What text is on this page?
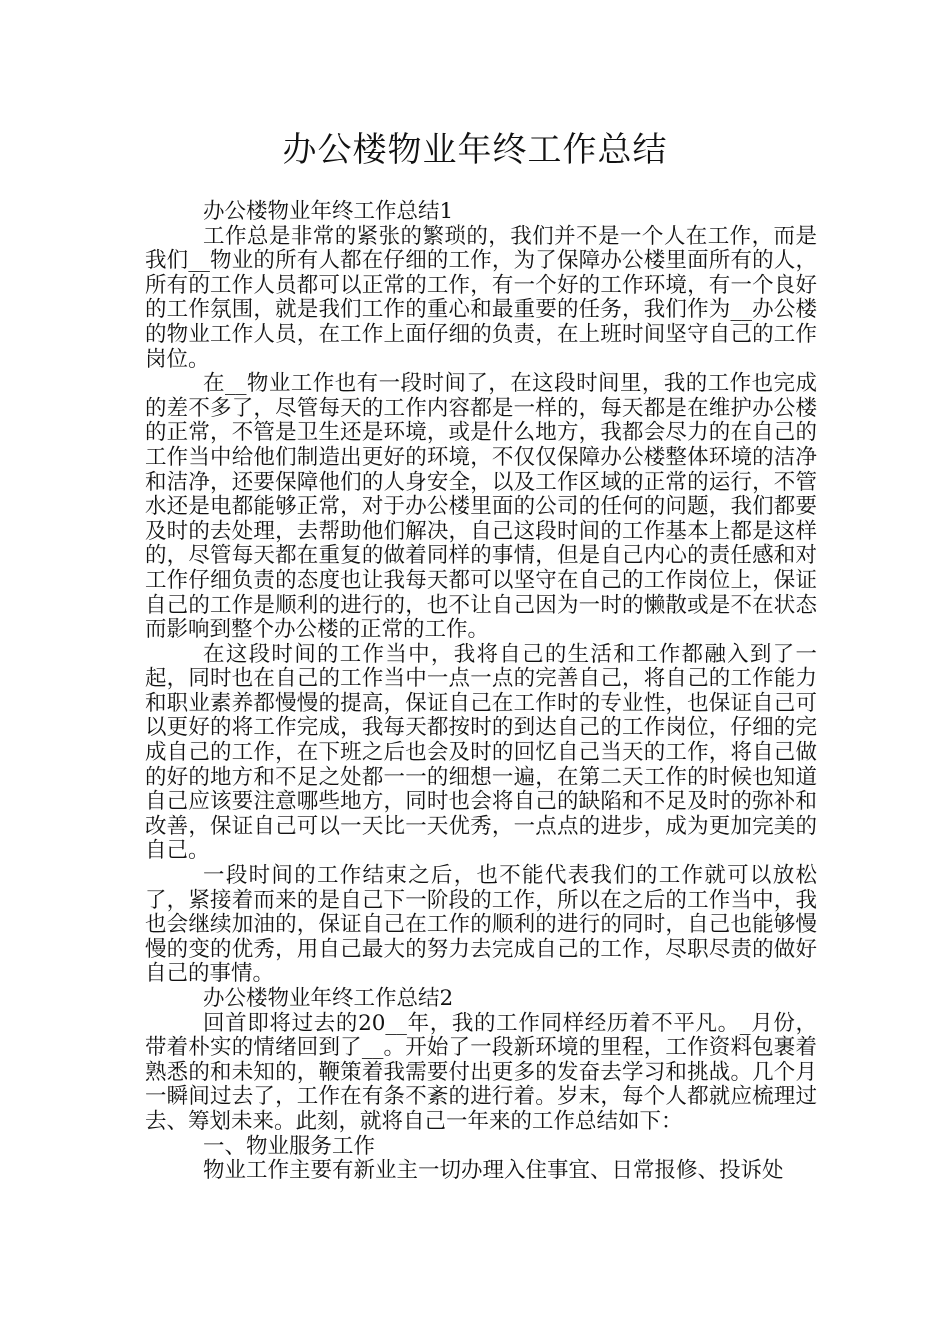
办公楼物业年终工作总结

办公楼物业年终工作总结1

工作总是非常的紧张的繁琐的，我们并不是一个人在工作，而是我们__物业的所有人都在仔细的工作，为了保障办公楼里面所有的人，所有的工作人员都可以正常的工作，有一个好的工作环境，有一个良好的工作氛围，就是我们工作的重心和最重要的任务，我们作为__办公楼的物业工作人员，在工作上面仔细的负责，在上班时间坚守自己的工作岗位。

在__物业工作也有一段时间了，在这段时间里，我的工作也完成的差不多了，尽管每天的工作内容都是一样的，每天都是在维护办公楼的正常，不管是卫生还是环境，或是什么地方，我都会尽力的在自己的工作当中给他们制造出更好的环境，不仅仅保障办公楼整体环境的洁净和洁净，还要保障他们的人身安全，以及工作区域的正常的运行，不管水还是电都能够正常，对于办公楼里面的公司的任何的问题，我们都要及时的去处理，去帮助他们解决，自己这段时间的工作基本上都是这样的，尽管每天都在重复的做着同样的事情，但是自己内心的责任感和对工作仔细负责的态度也让我每天都可以坚守在自己的工作岗位上，保证自己的工作是顺利的进行的，也不让自己因为一时的懒散或是不在状态而影响到整个办公楼的正常的工作。

在这段时间的工作当中，我将自己的生活和工作都融入到了一起，同时也在自己的工作当中一点一点的完善自己，将自己的工作能力和职业素养都慢慢的提高，保证自己在工作时的专业性，也保证自己可以更好的将工作完成，我每天都按时的到达自己的工作岗位，仔细的完成自己的工作，在下班之后也会及时的回忆自己当天的工作，将自己做的好的地方和不足之处都一一的细想一遍，在第二天工作的时候也知道自己应该要注意哪些地方，同时也会将自己的缺陷和不足及时的弥补和改善，保证自己可以一天比一天优秀，一点点的进步，成为更加完美的自己。

一段时间的工作结束之后，也不能代表我们的工作就可以放松了，紧接着而来的是自己下一阶段的工作，所以在之后的工作当中，我也会继续加油的，保证自己在工作的顺利的进行的同时，自己也能够慢慢的变的优秀，用自己最大的努力去完成自己的工作，尽职尽责的做好自己的事情。

办公楼物业年终工作总结2

回首即将过去的20__年，我的工作同样经历着不平凡。_月份，带着朴实的情绪回到了__。开始了一段新环境的里程，工作资料包裹着熟悉的和未知的，鞭策着我需要付出更多的发奋去学习和挑战。几个月一瞬间过去了，工作在有条不紊的进行着。岁末，每个人都就应梳理过去、筹划未来。此刻，就将自己一年来的工作总结如下：

一、物业服务工作

物业工作主要有新业主一切办理入住事宜、日常报修、投诉处
